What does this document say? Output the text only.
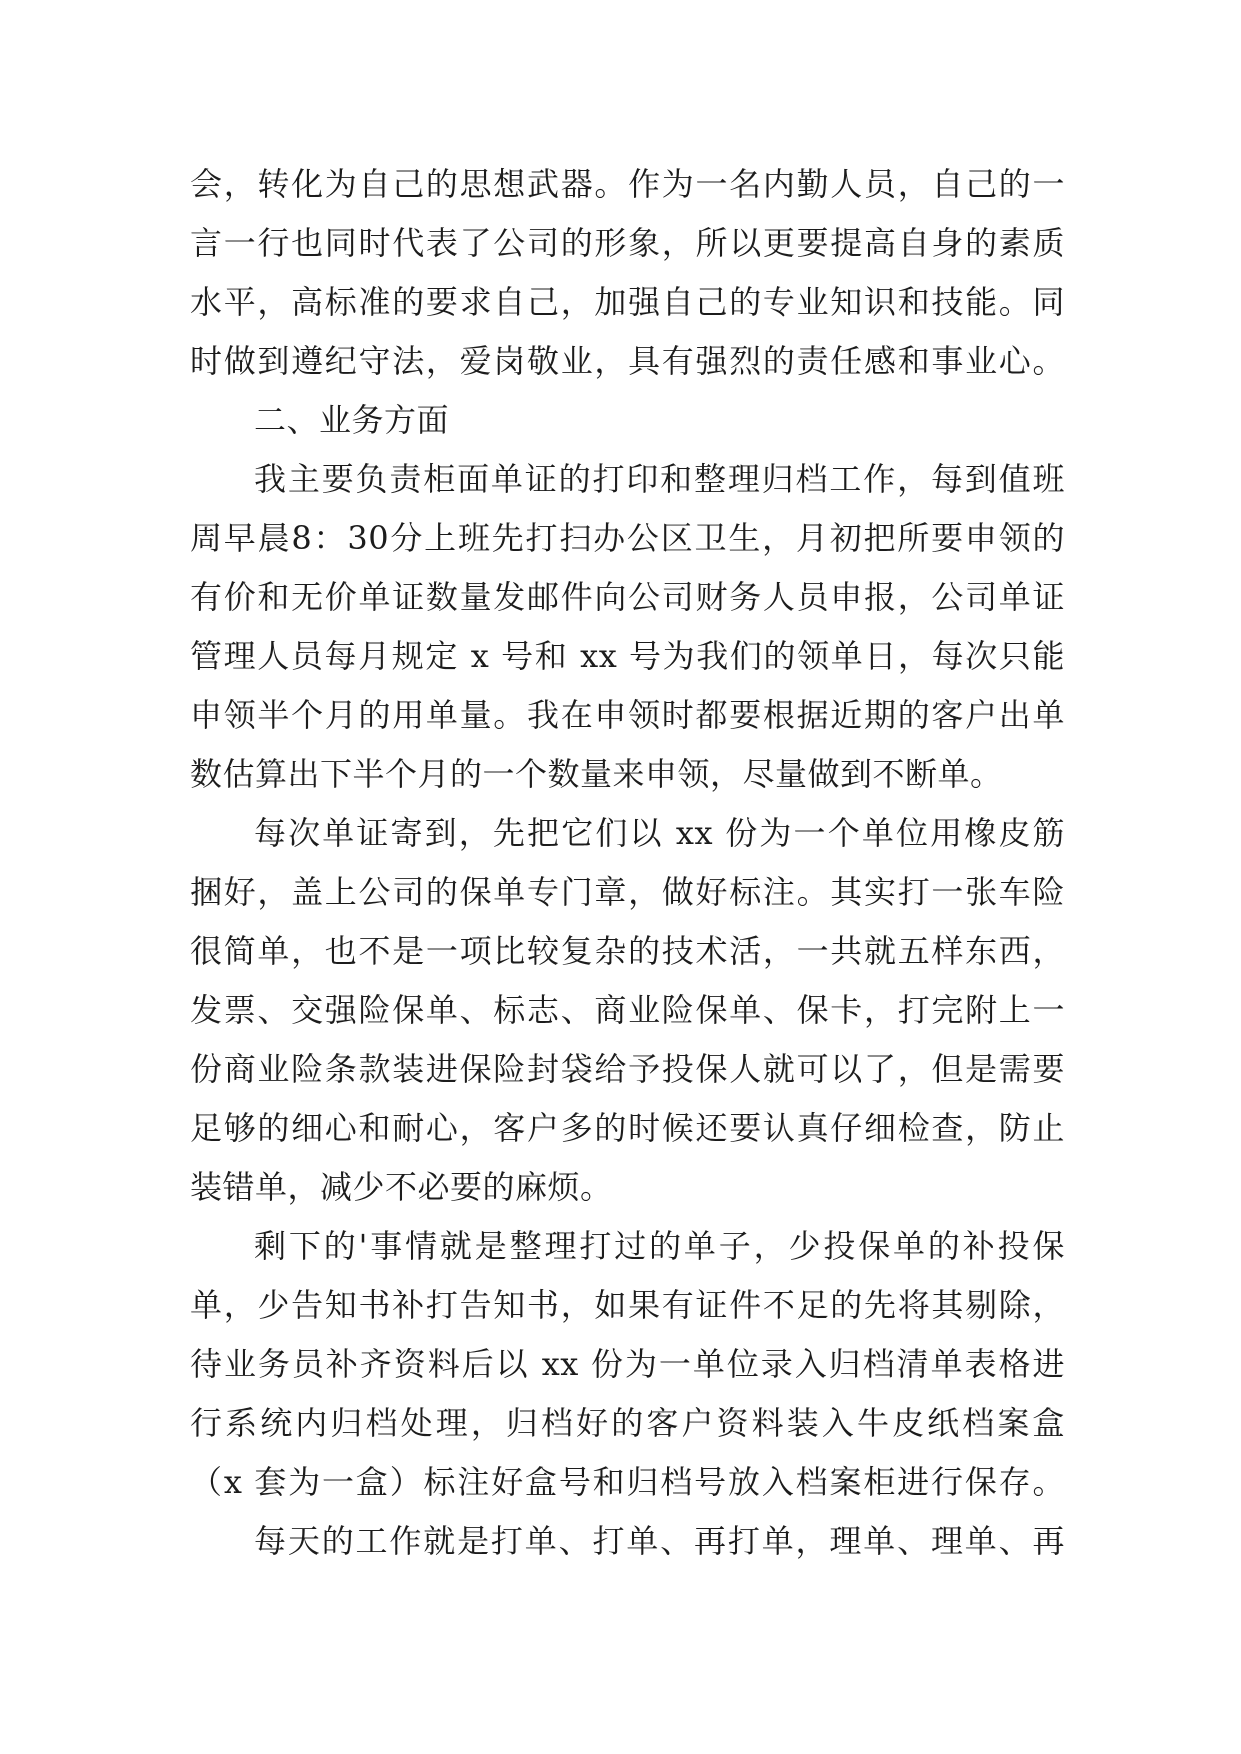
会，转化为自己的思想武器。作为一名内勤人员，自己的一
言一行也同时代表了公司的形象，所以更要提高自身的素质
水平，高标准的要求自己，加强自己的专业知识和技能。同
时做到遵纪守法，爱岗敬业，具有强烈的责任感和事业心。
二、业务方面
我主要负责柜面单证的打印和整理归档工作，每到值班
周早晨8：30分上班先打扫办公区卫生，月初把所要申领的
有价和无价单证数量发邮件向公司财务人员申报，公司单证
管理人员每月规定 x 号和 xx 号为我们的领单日，每次只能
申领半个月的用单量。我在申领时都要根据近期的客户出单
数估算出下半个月的一个数量来申领，尽量做到不断单。
每次单证寄到，先把它们以 xx 份为一个单位用橡皮筋
捆好，盖上公司的保单专门章，做好标注。其实打一张车险
很简单，也不是一项比较复杂的技术活，一共就五样东西，
发票、交强险保单、标志、商业险保单、保卡，打完附上一
份商业险条款装进保险封袋给予投保人就可以了，但是需要
足够的细心和耐心，客户多的时候还要认真仔细检查，防止
装错单，减少不必要的麻烦。
剩下的'事情就是整理打过的单子，少投保单的补投保
单，少告知书补打告知书，如果有证件不足的先将其剔除，
待业务员补齐资料后以 xx 份为一单位录入归档清单表格进
行系统内归档处理，归档好的客户资料装入牛皮纸档案盒
（x 套为一盒）标注好盒号和归档号放入档案柜进行保存。
每天的工作就是打单、打单、再打单，理单、理单、再
